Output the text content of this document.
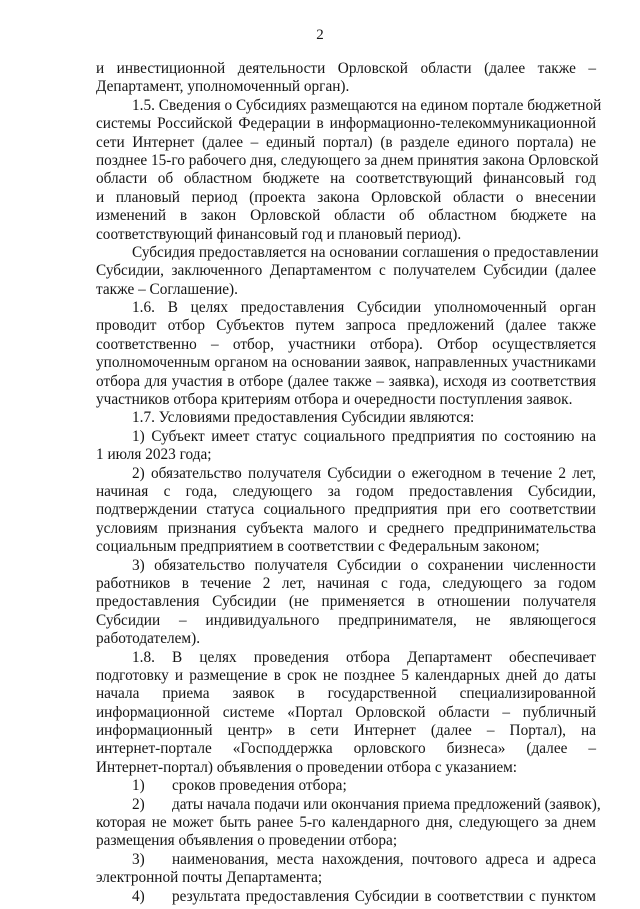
2
и инвестиционной деятельности Орловской области (далее также –
Департамент, уполномоченный орган).
1.5. Сведения о Субсидиях размещаются на едином портале бюджетной
системы Российской Федерации в информационно-телекоммуникационной
сети Интернет (далее – единый портал) (в разделе единого портала) не
позднее 15-го рабочего дня, следующего за днем принятия закона Орловской
области об областном бюджете на соответствующий финансовый год
и плановый период (проекта закона Орловской области о внесении
изменений в закон Орловской области об областном бюджете на
соответствующий финансовый год и плановый период).
Субсидия предоставляется на основании соглашения о предоставлении
Субсидии, заключенного Департаментом с получателем Субсидии (далее
также – Соглашение).
1.6. В целях предоставления Субсидии уполномоченный орган
проводит отбор Субъектов путем запроса предложений (далее также
соответственно – отбор, участники отбора). Отбор осуществляется
уполномоченным органом на основании заявок, направленных участниками
отбора для участия в отборе (далее также – заявка), исходя из соответствия
участников отбора критериям отбора и очередности поступления заявок.
1.7. Условиями предоставления Субсидии являются:
1) Субъект имеет статус социального предприятия по состоянию на
1 июля 2023 года;
2) обязательство получателя Субсидии о ежегодном в течение 2 лет,
начиная с года, следующего за годом предоставления Субсидии,
подтверждении статуса социального предприятия при его соответствии
условиям признания субъекта малого и среднего предпринимательства
социальным предприятием в соответствии с Федеральным законом;
3) обязательство получателя Субсидии о сохранении численности
работников в течение 2 лет, начиная с года, следующего за годом
предоставления Субсидии (не применяется в отношении получателя
Субсидии – индивидуального предпринимателя, не являющегося
работодателем).
1.8. В целях проведения отбора Департамент обеспечивает
подготовку и размещение в срок не позднее 5 календарных дней до даты
начала приема заявок в государственной специализированной
информационной системе «Портал Орловской области – публичный
информационный центр» в сети Интернет (далее – Портал), на
интернет-портале «Господдержка орловского бизнеса» (далее –
Интернет-портал) объявления о проведении отбора с указанием:
1)	сроков проведения отбора;
2)	даты начала подачи или окончания приема предложений (заявок),
которая не может быть ранее 5-го календарного дня, следующего за днем
размещения объявления о проведении отбора;
3)	наименования, места нахождения, почтового адреса и адреса
электронной почты Департамента;
4)	результата предоставления Субсидии в соответствии с пунктом
